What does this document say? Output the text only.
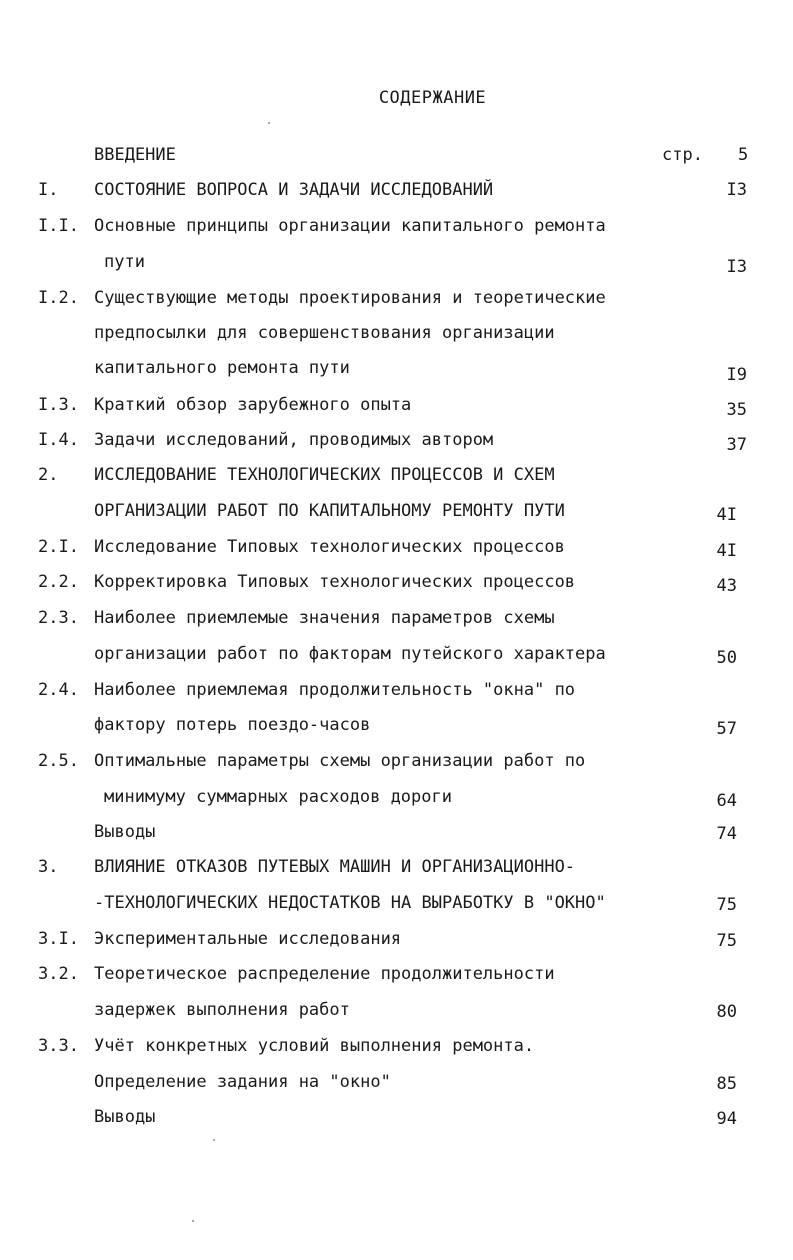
СОДЕРЖАНИЕ
ВВЕДЕНИЕ	стр. 5
I. СОСТОЯНИЕ ВОПРОСА И ЗАДАЧИ ИССЛЕДОВАНИЙ	I3
I.I. Основные принципы организации капитального ремонта
пути	I3
I.2. Существующие методы проектирования и теоретические
предпосылки для совершенствования организации
капитального ремонта пути	I9
I.3. Краткий обзор зарубежного опыта	35
I.4. Задачи исследований, проводимых автором	37
2. ИССЛЕДОВАНИЕ ТЕХНОЛОГИЧЕСКИХ ПРОЦЕССОВ И СХЕМ
ОРГАНИЗАЦИИ РАБОТ ПО КАПИТАЛЬНОМУ РЕМОНТУ ПУТИ	4I
2.I. Исследование Типовых технологических процессов	4I
2.2. Корректировка Типовых технологических процессов	43
2.3. Наиболее приемлемые значения параметров схемы
организации работ по факторам путейского характера	50
2.4. Наиболее приемлемая продолжительность "окна" по
фактору потерь поездо-часов	57
2.5. Оптимальные параметры схемы организации работ по
минимуму суммарных расходов дороги	64
Выводы	74
3. ВЛИЯНИЕ ОТКАЗОВ ПУТЕВЫХ МАШИН И ОРГАНИЗАЦИОННО-
-ТЕХНОЛОГИЧЕСКИХ НЕДОСТАТКОВ НА ВЫРАБОТКУ В "ОКНО"	75
3.I. Экспериментальные исследования	75
3.2. Теоретическое распределение продолжительности
задержек выполнения работ	80
3.3. Учёт конкретных условий выполнения ремонта.
Определение задания на "окно"	85
Выводы	94
